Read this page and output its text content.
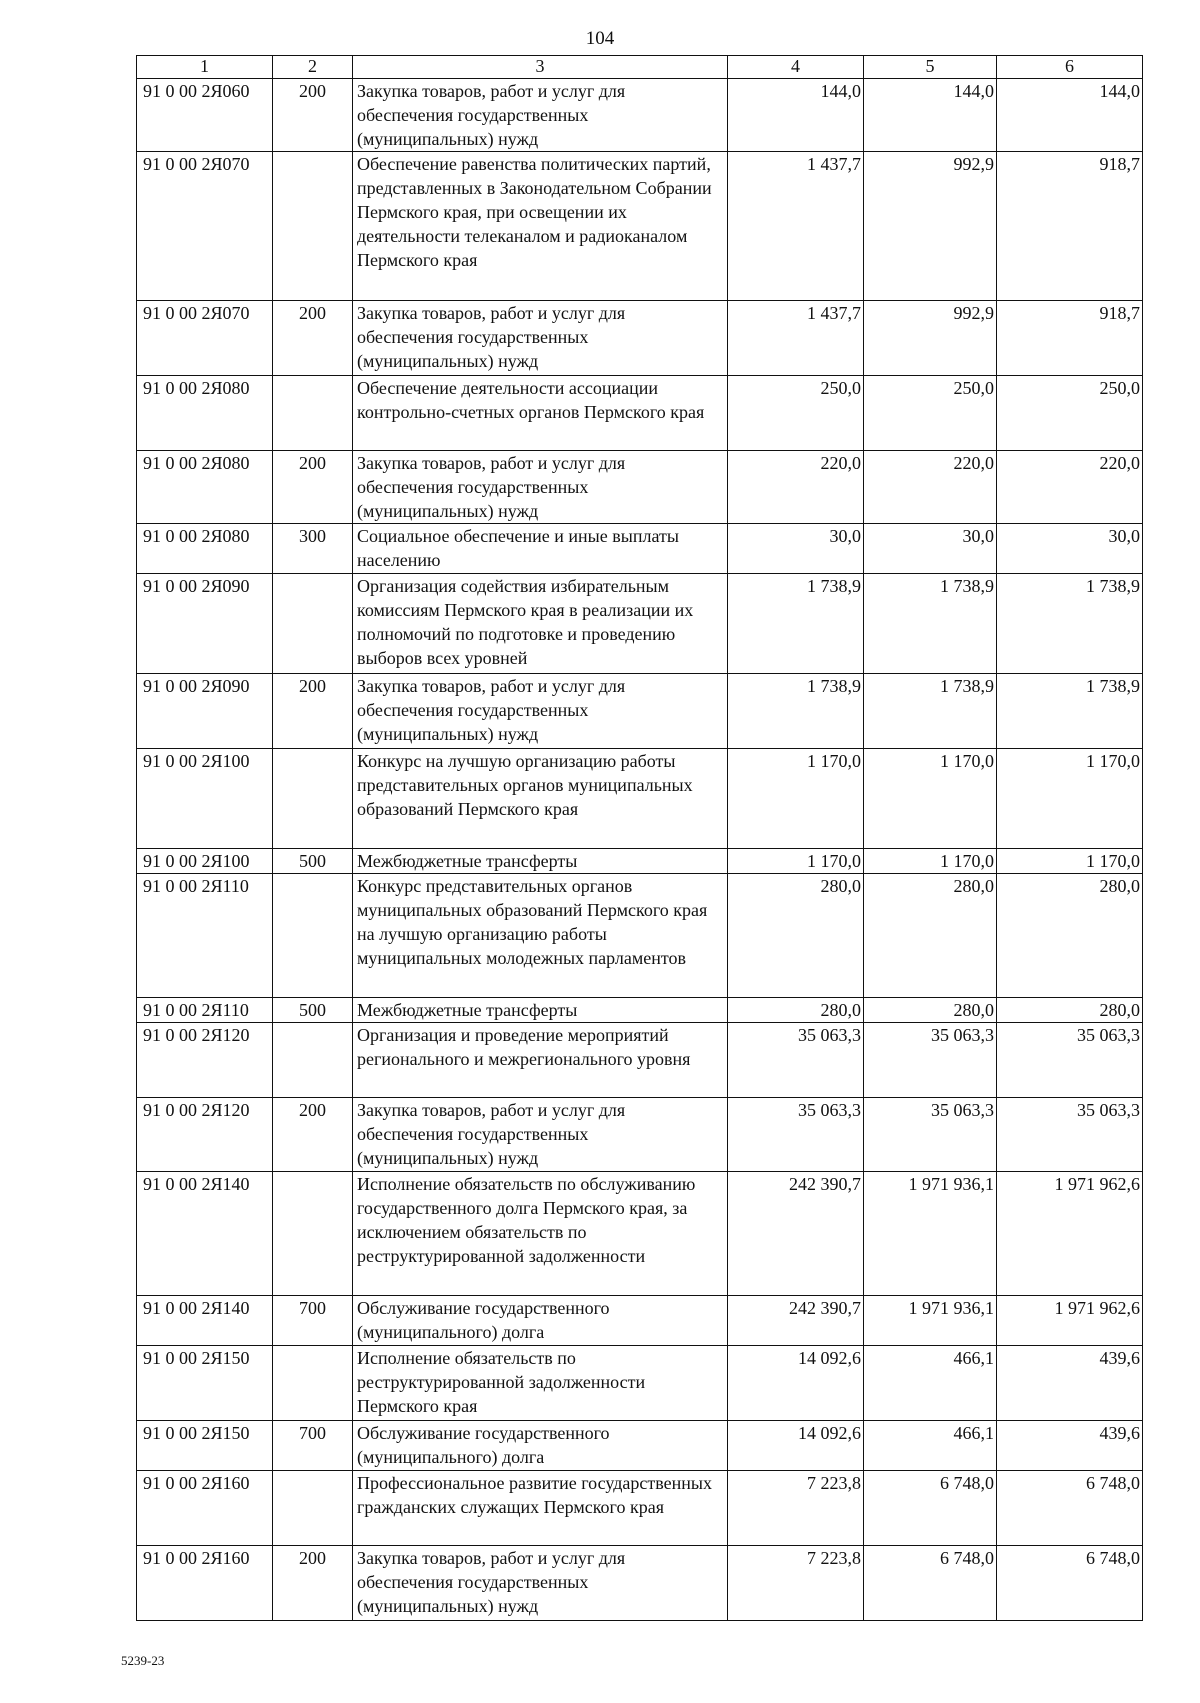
104
1	2	3	4	5	6
91 0 00 2Я060	200	Закупка товаров, работ и услуг для обеспечения государственных (муниципальных) нужд	144,0	144,0	144,0
91 0 00 2Я070		Обеспечение равенства политических партий, представленных в Законодательном Собрании Пермского края, при освещении их деятельности телеканалом и радиоканалом Пермского края	1 437,7	992,9	918,7
91 0 00 2Я070	200	Закупка товаров, работ и услуг для обеспечения государственных (муниципальных) нужд	1 437,7	992,9	918,7
91 0 00 2Я080		Обеспечение деятельности ассоциации контрольно-счетных органов Пермского края	250,0	250,0	250,0
91 0 00 2Я080	200	Закупка товаров, работ и услуг для обеспечения государственных (муниципальных) нужд	220,0	220,0	220,0
91 0 00 2Я080	300	Социальное обеспечение и иные выплаты населению	30,0	30,0	30,0
91 0 00 2Я090		Организация содействия избирательным комиссиям Пермского края в реализации их полномочий по подготовке и проведению выборов всех уровней	1 738,9	1 738,9	1 738,9
91 0 00 2Я090	200	Закупка товаров, работ и услуг для обеспечения государственных (муниципальных) нужд	1 738,9	1 738,9	1 738,9
91 0 00 2Я100		Конкурс на лучшую организацию работы представительных органов муниципальных образований Пермского края	1 170,0	1 170,0	1 170,0
91 0 00 2Я100	500	Межбюджетные трансферты	1 170,0	1 170,0	1 170,0
91 0 00 2Я110		Конкурс представительных органов муниципальных образований Пермского края на лучшую организацию работы муниципальных молодежных парламентов	280,0	280,0	280,0
91 0 00 2Я110	500	Межбюджетные трансферты	280,0	280,0	280,0
91 0 00 2Я120		Организация и проведение мероприятий регионального и межрегионального уровня	35 063,3	35 063,3	35 063,3
91 0 00 2Я120	200	Закупка товаров, работ и услуг для обеспечения государственных (муниципальных) нужд	35 063,3	35 063,3	35 063,3
91 0 00 2Я140		Исполнение обязательств по обслуживанию государственного долга Пермского края, за исключением обязательств по реструктурированной задолженности	242 390,7	1 971 936,1	1 971 962,6
91 0 00 2Я140	700	Обслуживание государственного (муниципального) долга	242 390,7	1 971 936,1	1 971 962,6
91 0 00 2Я150		Исполнение обязательств по реструктурированной задолженности Пермского края	14 092,6	466,1	439,6
91 0 00 2Я150	700	Обслуживание государственного (муниципального) долга	14 092,6	466,1	439,6
91 0 00 2Я160		Профессиональное развитие государственных гражданских служащих Пермского края	7 223,8	6 748,0	6 748,0
91 0 00 2Я160	200	Закупка товаров, работ и услуг для обеспечения государственных (муниципальных) нужд	7 223,8	6 748,0	6 748,0
5239-23
